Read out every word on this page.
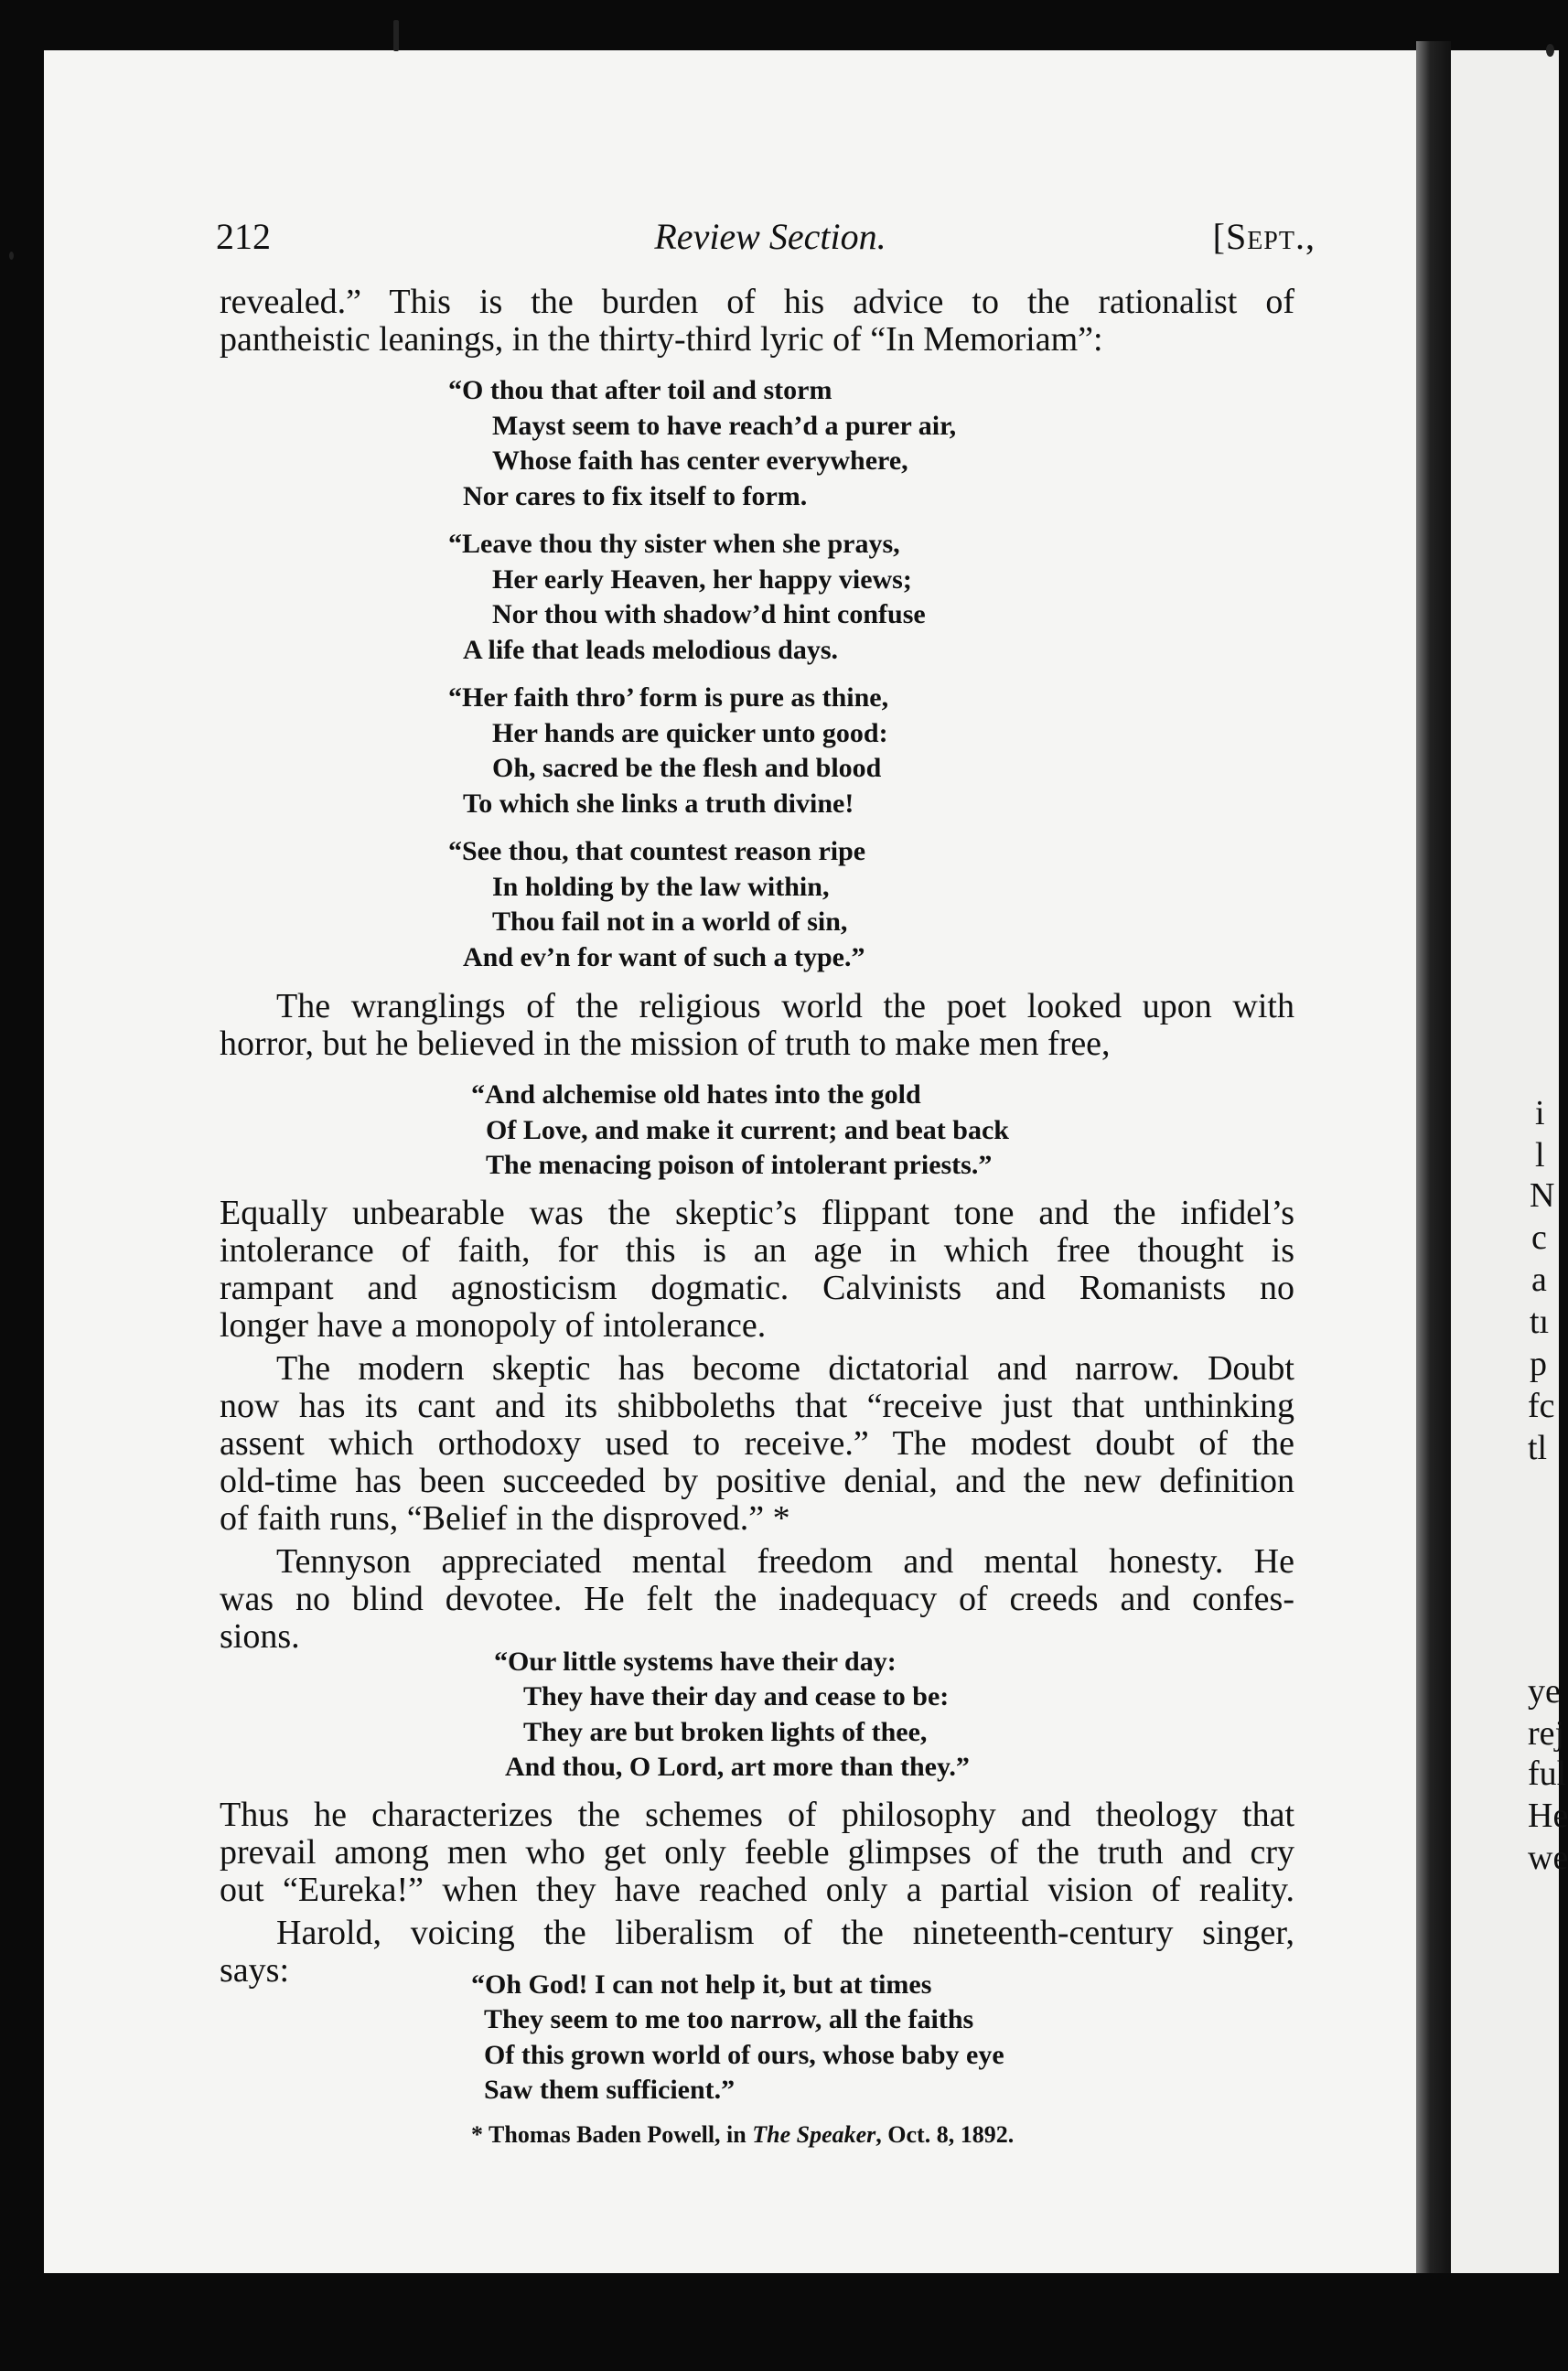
i
l
N
c
a
tı
p
fc
tl
ye
rej
ful
He
we
212	Review Section.	[Sept.,
revealed.” This is the burden of his advice to the rationalist of
pantheistic leanings, in the thirty-third lyric of “In Memoriam”:
“O thou that after toil and storm
Mayst seem to have reach’d a purer air,
Whose faith has center everywhere,
Nor cares to fix itself to form.
“Leave thou thy sister when she prays,
Her early Heaven, her happy views;
Nor thou with shadow’d hint confuse
A life that leads melodious days.
“Her faith thro’ form is pure as thine,
Her hands are quicker unto good:
Oh, sacred be the flesh and blood
To which she links a truth divine!
“See thou, that countest reason ripe
In holding by the law within,
Thou fail not in a world of sin,
And ev’n for want of such a type.”
The wranglings of the religious world the poet looked upon with
horror, but he believed in the mission of truth to make men free,
“And alchemise old hates into the gold
Of Love, and make it current; and beat back
The menacing poison of intolerant priests.”
Equally unbearable was the skeptic’s flippant tone and the infidel’s
intolerance of faith, for this is an age in which free thought is
rampant and agnosticism dogmatic. Calvinists and Romanists no
longer have a monopoly of intolerance.
The modern skeptic has become dictatorial and narrow. Doubt
now has its cant and its shibboleths that “receive just that unthinking
assent which orthodoxy used to receive.” The modest doubt of the
old-time has been succeeded by positive denial, and the new definition
of faith runs, “Belief in the disproved.” *
Tennyson appreciated mental freedom and mental honesty. He
was no blind devotee. He felt the inadequacy of creeds and confes-
sions.
“Our little systems have their day:
They have their day and cease to be:
They are but broken lights of thee,
And thou, O Lord, art more than they.”
Thus he characterizes the schemes of philosophy and theology that
prevail among men who get only feeble glimpses of the truth and cry
out “Eureka!” when they have reached only a partial vision of reality.
Harold, voicing the liberalism of the nineteenth-century singer,
says:	“Oh God! I can not help it, but at times
They seem to me too narrow, all the faiths
Of this grown world of ours, whose baby eye
Saw them sufficient.”
* Thomas Baden Powell, in The Speaker, Oct. 8, 1892.
